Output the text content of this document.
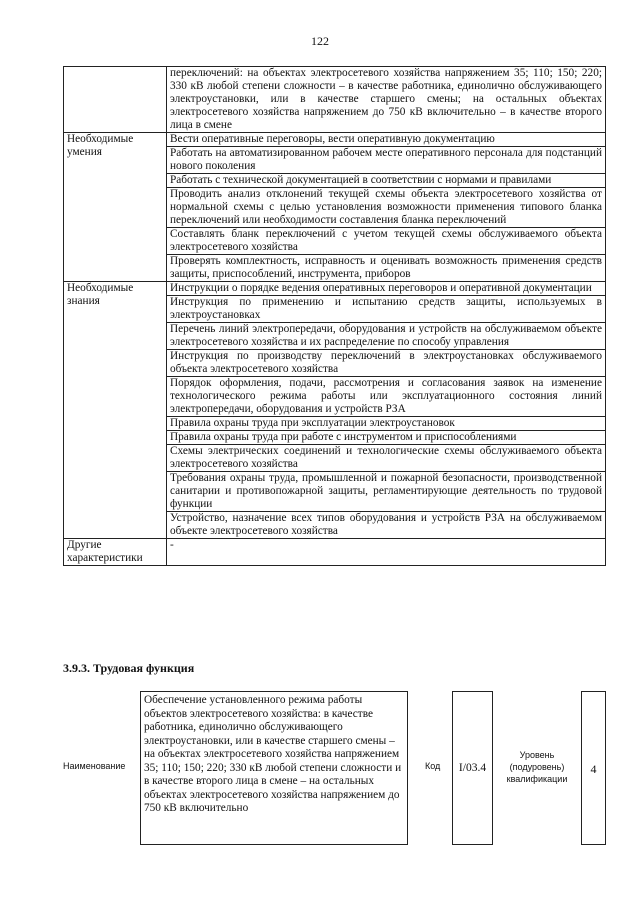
122
	переключений: на объектах электросетевого хозяйства напряжением 35; 110; 150; 220; 330 кВ любой степени сложности – в качестве работника, единолично обслуживающего электроустановки, или в качестве старшего смены; на остальных объектах электросетевого хозяйства напряжением до 750 кВ включительно – в качестве второго лица в смене
Необходимые умения	Вести оперативные переговоры, вести оперативную документацию
	Работать на автоматизированном рабочем месте оперативного персонала для подстанций нового поколения
	Работать с технической документацией в соответствии с нормами и правилами
	Проводить анализ отклонений текущей схемы объекта электросетевого хозяйства от нормальной схемы с целью установления возможности применения типового бланка переключений или необходимости составления бланка переключений
	Составлять бланк переключений с учетом текущей схемы обслуживаемого объекта электросетевого хозяйства
	Проверять комплектность, исправность и оценивать возможность применения средств защиты, приспособлений, инструмента, приборов
Необходимые знания	Инструкции о порядке ведения оперативных переговоров и оперативной документации
	Инструкция по применению и испытанию средств защиты, используемых в электроустановках
	Перечень линий электропередачи, оборудования и устройств на обслуживаемом объекте электросетевого хозяйства и их распределение по способу управления
	Инструкция по производству переключений в электроустановках обслуживаемого объекта электросетевого хозяйства
	Порядок оформления, подачи, рассмотрения и согласования заявок на изменение технологического режима работы или эксплуатационного состояния линий электропередачи, оборудования и устройств РЗА
	Правила охраны труда при эксплуатации электроустановок
	Правила охраны труда при работе с инструментом и приспособлениями
	Схемы электрических соединений и технологические схемы обслуживаемого объекта электросетевого хозяйства
	Требования охраны труда, промышленной и пожарной безопасности, производственной санитарии и противопожарной защиты, регламентирующие деятельность по трудовой функции
	Устройство, назначение всех типов оборудования и устройств РЗА на обслуживаемом объекте электросетевого хозяйства
Другие характеристики	-
3.9.3. Трудовая функция
Наименование
Обеспечение установленного режима работы объектов электросетевого хозяйства: в качестве работника, единолично обслуживающего электроустановки, или в качестве старшего смены – на объектах электросетевого хозяйства напряжением 35; 110; 150; 220; 330 кВ любой степени сложности и в качестве второго лица в смене – на остальных объектах электросетевого хозяйства напряжением до 750 кВ включительно
Код	I/03.4
Уровень (подуровень) квалификации
4
